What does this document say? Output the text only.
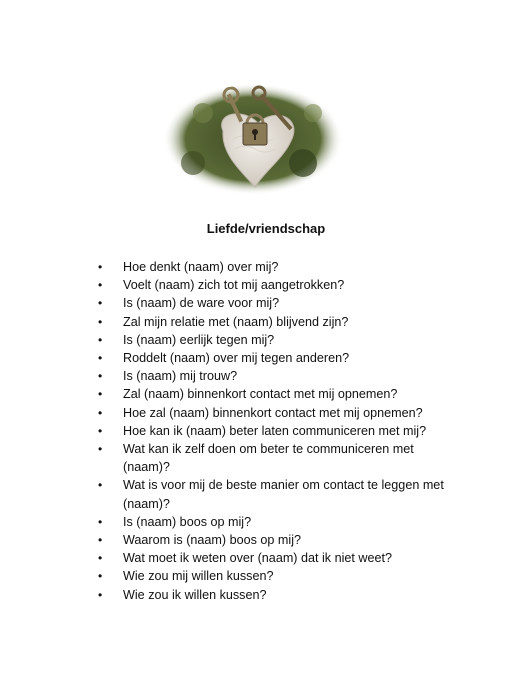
Liefde/vriendschap
•	Hoe denkt (naam) over mij?
•	Voelt (naam) zich tot mij aangetrokken?
•	Is (naam) de ware voor mij?
•	Zal mijn relatie met (naam) blijvend zijn?
•	Is (naam) eerlijk tegen mij?
•	Roddelt (naam) over mij tegen anderen?
•	Is (naam) mij trouw?
•	Zal (naam) binnenkort contact met mij opnemen?
•	Hoe zal (naam) binnenkort contact met mij opnemen?
•	Hoe kan ik (naam) beter laten communiceren met mij?
•	Wat kan ik zelf doen om beter te communiceren met (naam)?
•	Wat is voor mij de beste manier om contact te leggen met (naam)?
•	Is (naam) boos op mij?
•	Waarom is (naam) boos op mij?
•	Wat moet ik weten over (naam) dat ik niet weet?
•	Wie zou mij willen kussen?
•	Wie zou ik willen kussen?
